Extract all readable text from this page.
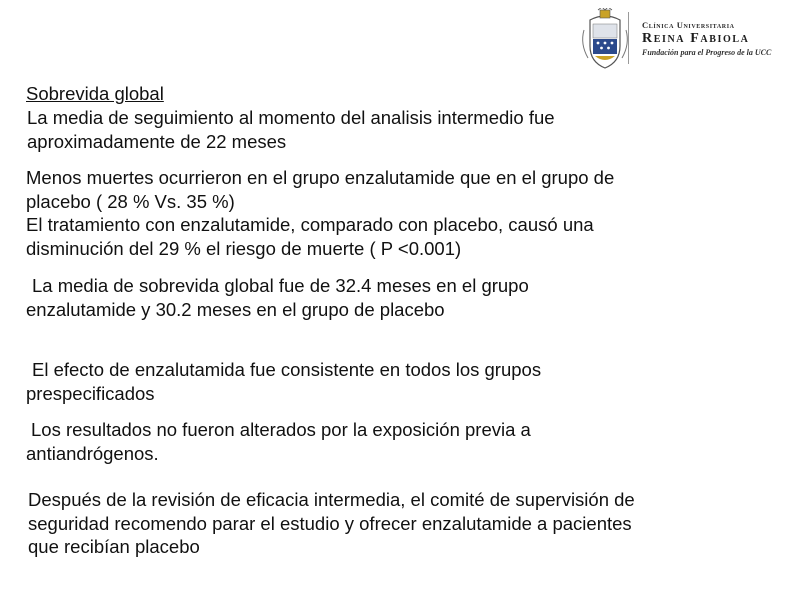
Clínica Universitaria
Reina Fabiola
Fundación para el Progreso de la UCC

Sobrevida global

La media de seguimiento al momento del analisis intermedio fue
aproximadamente de 22 meses
Menos muertes ocurrieron en el grupo enzalutamide que en el grupo de
placebo ( 28 % Vs. 35 %)
El tratamiento con enzalutamide, comparado con placebo, causó una
disminución del 29 % el riesgo de muerte ( P <0.001)
La media de sobrevida global fue de 32.4 meses en el grupo
enzalutamide y 30.2 meses en el grupo de placebo
El efecto de enzalutamida fue consistente en todos los grupos
prespecificados
Los resultados no fueron alterados por la exposición previa a
antiandrógenos.
Después de la revisión de eficacia intermedia, el comité de supervisión de
seguridad recomendo parar el estudio y ofrecer enzalutamide a pacientes
que recibían placebo
